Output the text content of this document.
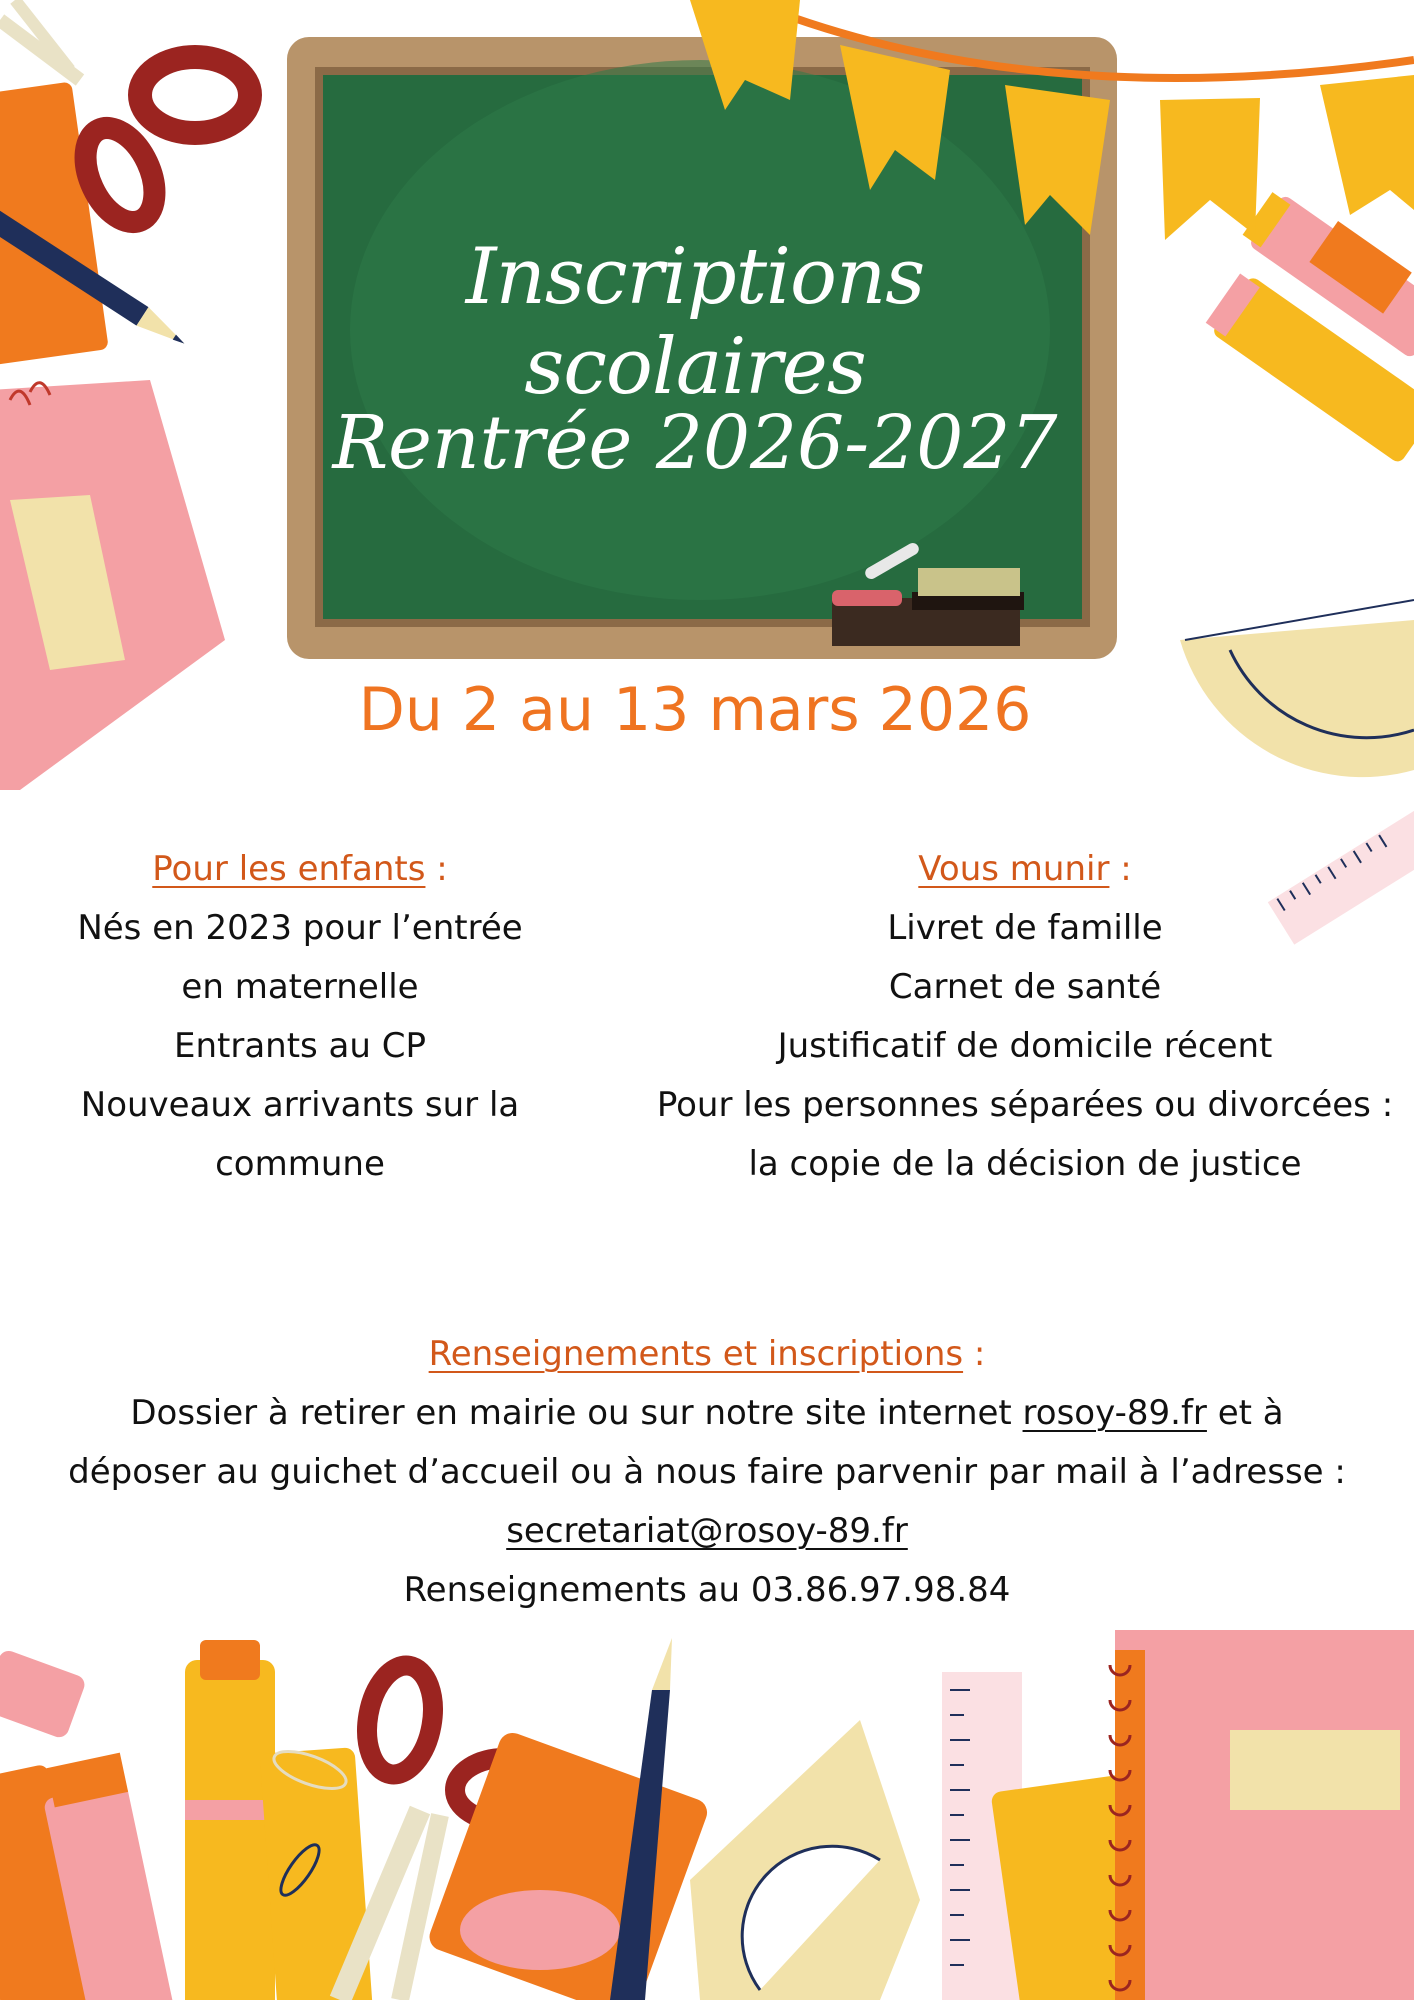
Inscriptions scolaires
Rentrée 2026-2027
Du 2 au 13 mars 2026

Pour les enfants :

Nés en 2023 pour l’entrée

en maternelle

Entrants au CP

Nouveaux arrivants sur la

commune

Vous munir :

Livret de famille

Carnet de santé

Justificatif de domicile récent

Pour les personnes séparées ou divorcées :

la copie de la décision de justice

Renseignements et inscriptions :

Dossier à retirer en mairie ou sur notre site internet rosoy-89.fr et à

déposer au guichet d’accueil ou à nous faire parvenir par mail à l’adresse :

secretariat@rosoy-89.fr

Renseignements au 03.86.97.98.84
